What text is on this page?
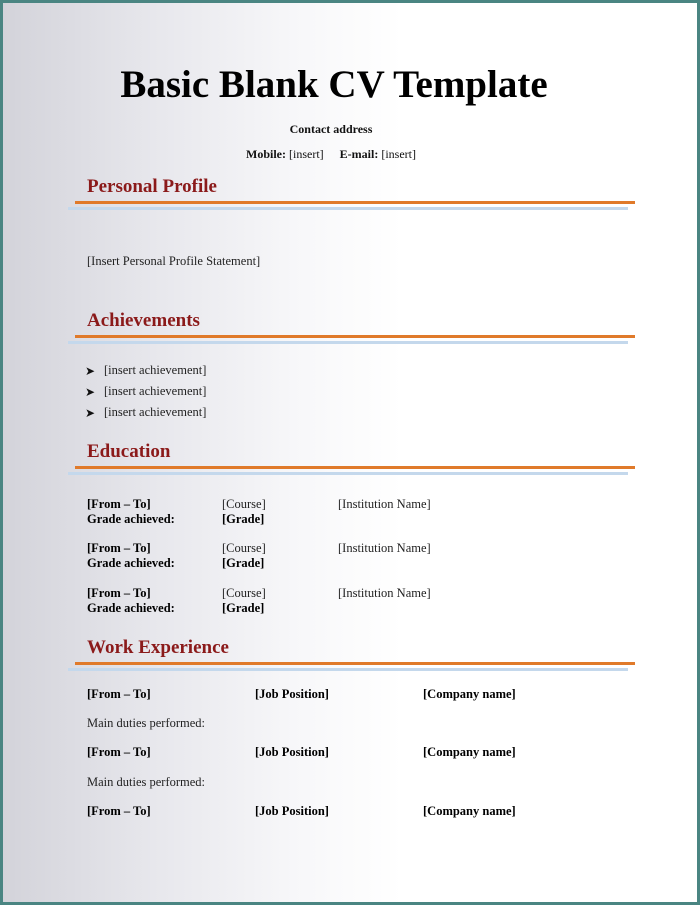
Basic Blank CV Template
Contact address
Mobile: [insert] E-mail: [insert]
Personal Profile
[Insert Personal Profile Statement]
Achievements
➤ [insert achievement]
➤ [insert achievement]
➤ [insert achievement]
Education
[From – To]	[Course]	[Institution Name]
Grade achieved:	[Grade]
[From – To]	[Course]	[Institution Name]
Grade achieved:	[Grade]
[From – To]	[Course]	[Institution Name]
Grade achieved:	[Grade]
Work Experience
[From – To]	[Job Position]	[Company name]
Main duties performed:
[From – To]	[Job Position]	[Company name]
Main duties performed:
[From – To]	[Job Position]	[Company name]
